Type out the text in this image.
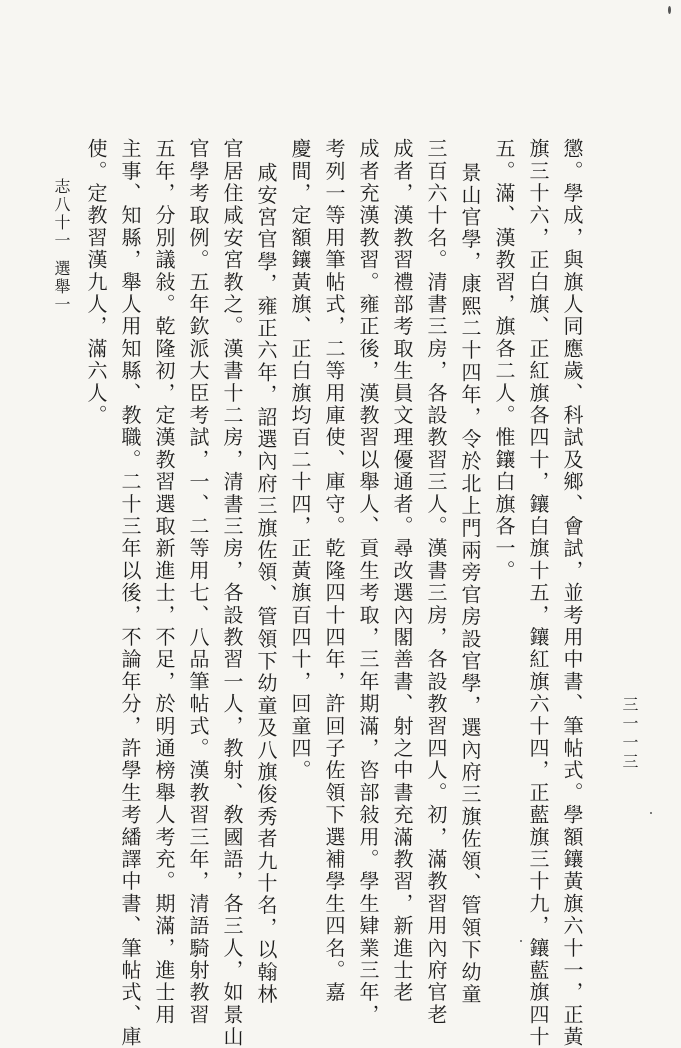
懲。學成，與旗人同應歲、科試及鄉、會試，並考用中書、筆帖式。學額鑲黃旗六十一，正黃
旗三十六，正白旗、正紅旗各四十，鑲白旗十五，鑲紅旗六十四，正藍旗三十九，鑲藍旗四十
五。滿、漢教習，旗各二人。惟鑲白旗各一。
景山官學，康熙二十四年，令於北上門兩旁官房設官學，選內府三旗佐領、管領下幼童
三百六十名。清書三房，各設教習三人。漢書三房，各設教習四人。初，滿教習用內府官老
成者，漢教習禮部考取生員文理優通者。尋改選內閣善書、射之中書充滿教習，新進士老
成者充漢教習。雍正後，漢教習以舉人、貢生考取，三年期滿，咨部敍用。學生肄業三年，
考列一等用筆帖式，二等用庫使、庫守。乾隆四十四年，許回子佐領下選補學生四名。嘉
慶間，定額鑲黃旗、正白旗均百二十四，正黃旗百四十，回童四。
咸安宮官學，雍正六年，詔選內府三旗佐領、管領下幼童及八旗俊秀者九十名，以翰林
官居住咸安宮教之。漢書十二房，清書三房，各設教習一人，教射、敎國語，各三人，如景山
官學考取例。五年欽派大臣考試，一、二等用七、八品筆帖式。漢教習三年，清語騎射教習
五年，分別議敍。乾隆初，定漢教習選取新進士，不足，於明通榜舉人考充。期滿，進士用
主事、知縣，舉人用知縣、教職。二十三年以後，不論年分，許學生考繙譯中書、筆帖式、庫
使。定教習漢九人，滿六人。
志八十一
選舉一
三一一三
